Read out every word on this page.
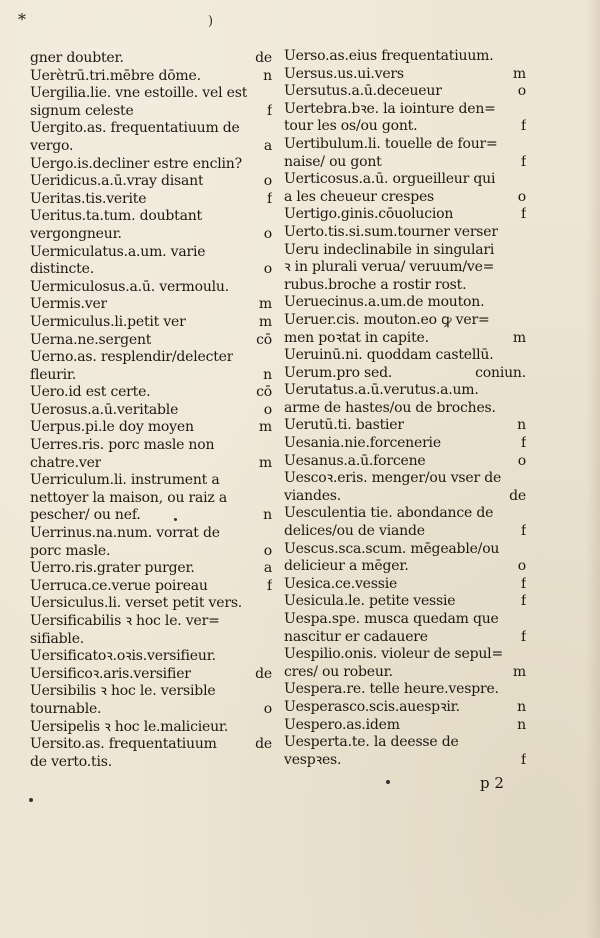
*	)
gner doubter.	de
Uerètrū.tri.mēbre dōme.	n
Uergilia.lie. vne estoille. vel est
signum celeste	f
Uergito.as. frequentatiuum de
vergo.	a
Uergo.is.decliner estre enclin?
Ueridicus.a.ū.vray disant	o
Ueritas.tis.verite	f
Ueritus.ta.tum. doubtant
vergongneur.	o
Uermiculatus.a.um. varie
distincte.	o
Uermiculosus.a.ū. vermoulu.
Uermis.ver	m
Uermiculus.li.petit ver	m
Uerna.ne.sergent	cō
Uerno.as. resplendir/delecter
fleurir.	n
Uero.id est certe.	cō
Uerosus.a.ū.veritable	o
Uerpus.pi.le doy moyen	m
Uerres.ris. porc masle non
chatre.ver	m
Uerriculum.li. instrument a
nettoyer la maison, ou raiz a
pescher/ ou nef.	n
Uerrinus.na.num. vorrat de
porc masle.	o
Uerro.ris.grater purger.	a
Uerruca.ce.verue poireau	f
Uersiculus.li. verset petit vers.
Uersificabilis ꝛ hoc le. ver=
sifiable.
Uersificatoꝛ.oꝛis.versifieur.
Uersificoꝛ.aris.versifier	de
Uersibilis ꝛ hoc le. versible
tournable.	o
Uersipelis ꝛ hoc le.malicieur.
Uersito.as. frequentatiuum	de
de verto.tis.
Uerso.as.eius frequentatiuum.
Uersus.us.ui.vers	m
Uersutus.a.ū.deceueur	o
Uertebra.bꝛe. la iointure den=
tour les os/ou gont.	f
Uertibulum.li. touelle de four=
naise/ ou gont	f
Uerticosus.a.ū. orgueilleur qui
a les cheueur crespes	o
Uertigo.ginis.cōuolucion	f
Uerto.tis.si.sum.tourner verser
Ueru indeclinabile in singulari
ꝛ in plurali verua/ veruum/ve=
rubus.broche a rostir rost.
Ueruecinus.a.um.de mouton.
Ueruer.cis. mouton.eo ꝙ ver=
men poꝛtat in capite.	m
Ueruinū.ni. quoddam castellū.
Uerum.pro sed.	coniun.
Uerutatus.a.ū.verutus.a.um.
arme de hastes/ou de broches.
Uerutū.ti. bastier	n
Uesania.nie.forcenerie	f
Uesanus.a.ū.forcene	o
Uescoꝛ.eris. menger/ou vser de
viandes.	de
Uesculentia tie. abondance de
delices/ou de viande	f
Uescus.sca.scum. mēgeable/ou
delicieur a mēger.	o
Uesica.ce.vessie	f
Uesicula.le. petite vessie	f
Uespa.spe. musca quedam que
nascitur er cadauere	f
Uespilio.onis. violeur de sepul=
cres/ ou robeur.	m
Uespera.re. telle heure.vespre.
Uesperasco.scis.auespꝛir.	n
Uespero.as.idem	n
Uesperta.te. la deesse de
vespꝛes.	f
p 2
